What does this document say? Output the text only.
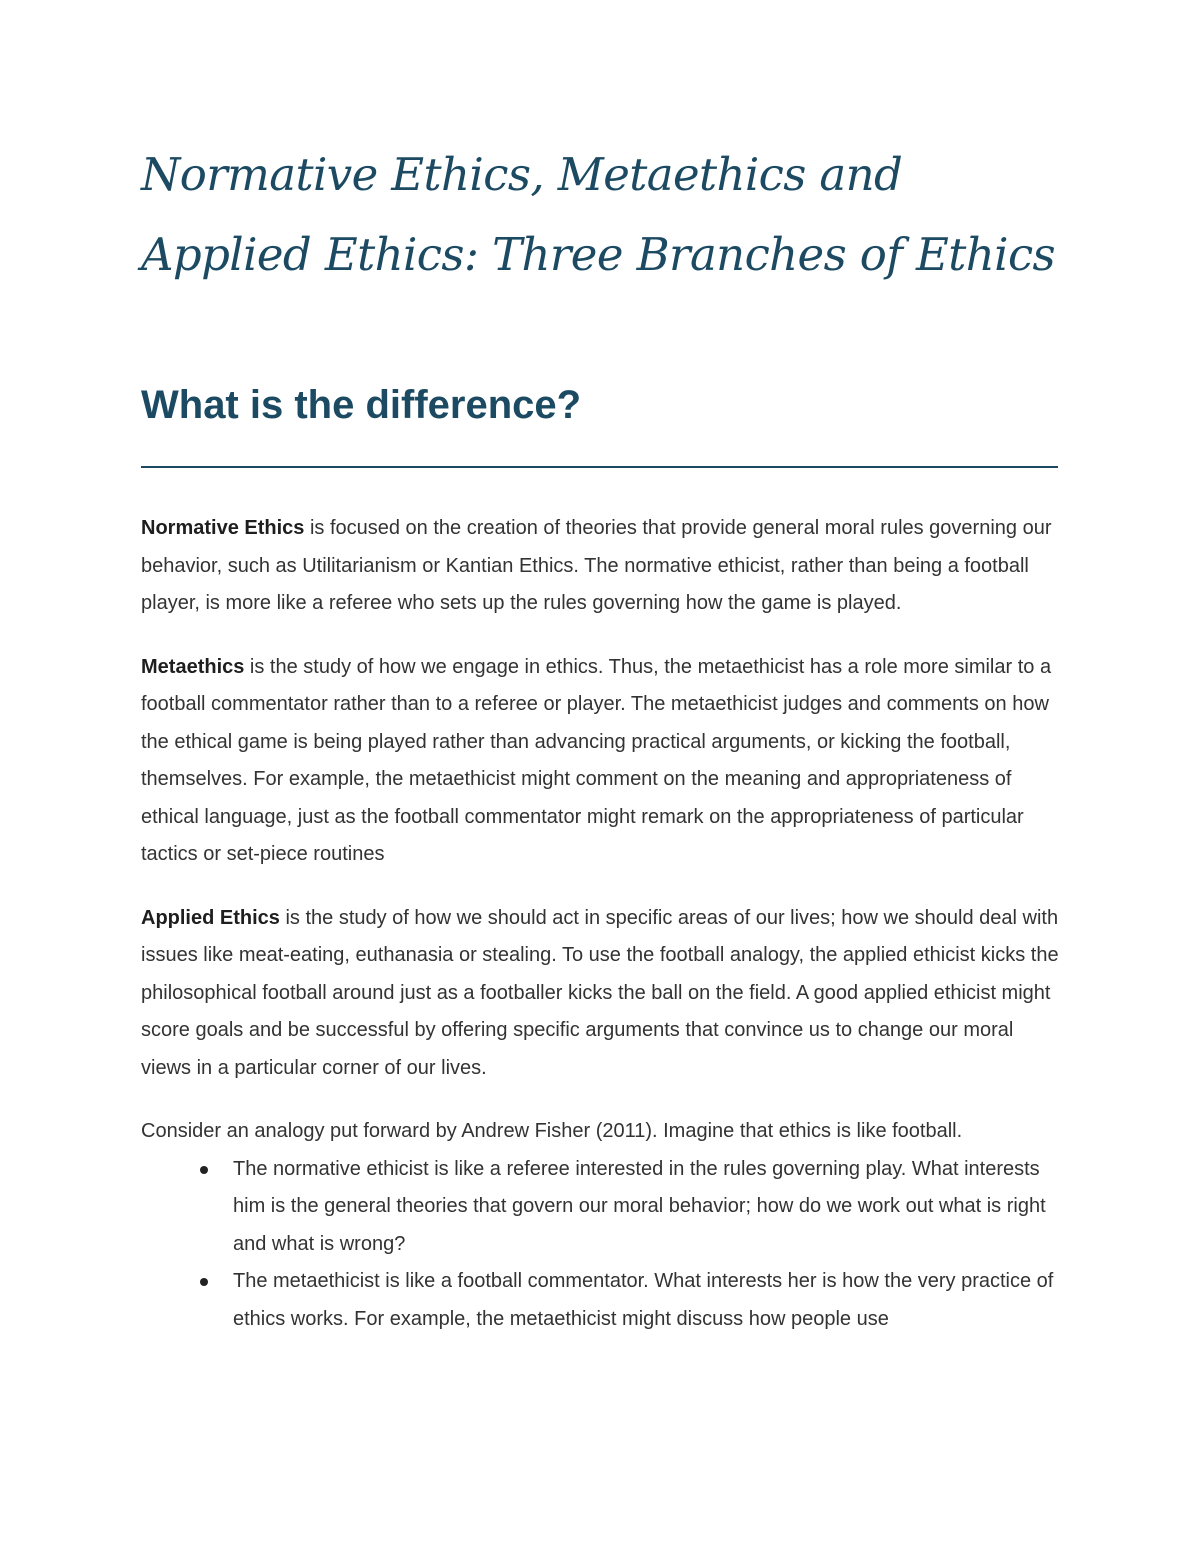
Normative Ethics, Metaethics and Applied Ethics: Three Branches of Ethics
What is the difference?

Normative Ethics is focused on the creation of theories that provide general moral rules governing our behavior, such as Utilitarianism or Kantian Ethics. The normative ethicist, rather than being a football player, is more like a referee who sets up the rules governing how the game is played.

Metaethics is the study of how we engage in ethics. Thus, the metaethicist has a role more similar to a football commentator rather than to a referee or player. The metaethicist judges and comments on how the ethical game is being played rather than advancing practical arguments, or kicking the football, themselves. For example, the metaethicist might comment on the meaning and appropriateness of ethical language, just as the football commentator might remark on the appropriateness of particular tactics or set-piece routines

Applied Ethics is the study of how we should act in specific areas of our lives; how we should deal with issues like meat-eating, euthanasia or stealing. To use the football analogy, the applied ethicist kicks the philosophical football around just as a footballer kicks the ball on the field. A good applied ethicist might score goals and be successful by offering specific arguments that convince us to change our moral views in a particular corner of our lives.

Consider an analogy put forward by Andrew Fisher (2011). Imagine that ethics is like football.

The normative ethicist is like a referee interested in the rules governing play. What interests him is the general theories that govern our moral behavior; how do we work out what is right and what is wrong?
The metaethicist is like a football commentator. What interests her is how the very practice of ethics works. For example, the metaethicist might discuss how people use
